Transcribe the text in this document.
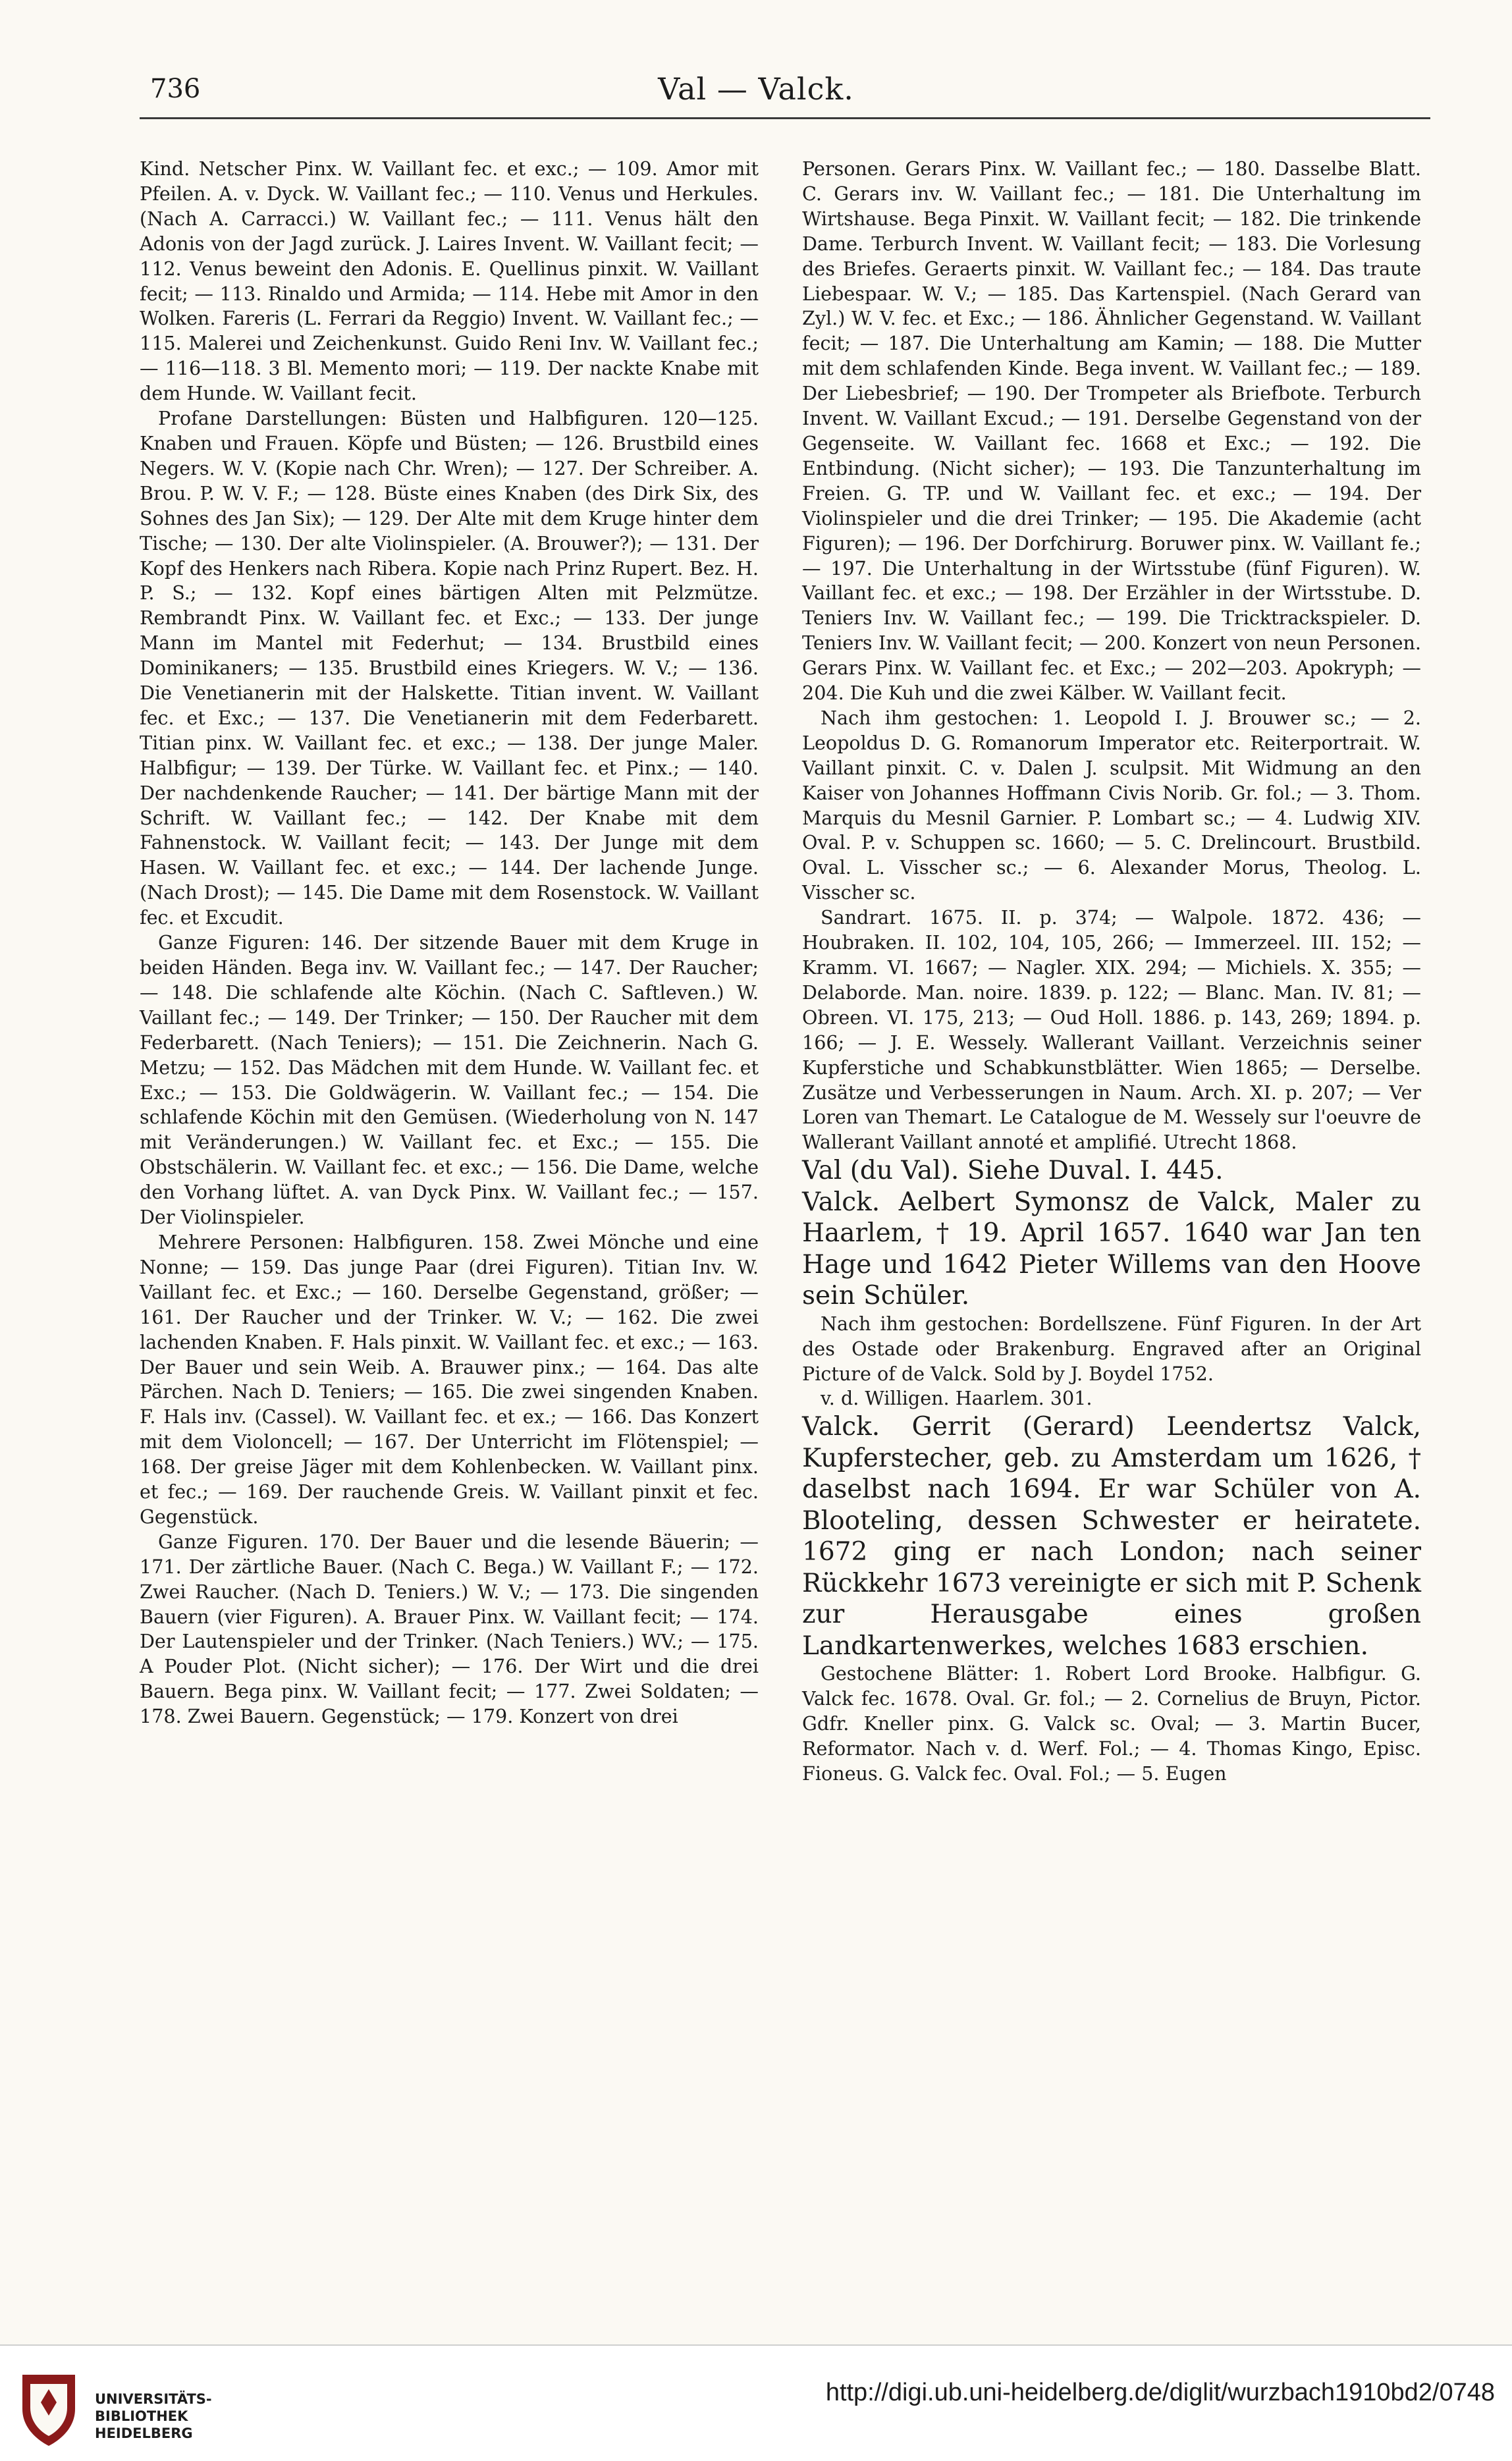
736	Val — Valck.

Kind. Netscher Pinx. W. Vaillant fec. et exc.; — 109. Amor mit Pfeilen. A. v. Dyck. W. Vaillant fec.; — 110. Venus und Herkules. (Nach A. Carracci.) W. Vaillant fec.; — 111. Venus hält den Adonis von der Jagd zurück. J. Laires Invent. W. Vaillant fecit; — 112. Venus beweint den Adonis. E. Quellinus pinxit. W. Vaillant fecit; — 113. Rinaldo und Armida; — 114. Hebe mit Amor in den Wolken. Fareris (L. Ferrari da Reggio) Invent. W. Vaillant fec.; — 115. Malerei und Zeichenkunst. Guido Reni Inv. W. Vaillant fec.; — 116—118. 3 Bl. Memento mori; — 119. Der nackte Knabe mit dem Hunde. W. Vaillant fecit.

Profane Darstellungen: Büsten und Halbfiguren. 120—125. Knaben und Frauen. Köpfe und Büsten; — 126. Brustbild eines Negers. W. V. (Kopie nach Chr. Wren); — 127. Der Schreiber. A. Brou. P. W. V. F.; — 128. Büste eines Knaben (des Dirk Six, des Sohnes des Jan Six); — 129. Der Alte mit dem Kruge hinter dem Tische; — 130. Der alte Violinspieler. (A. Brouwer?); — 131. Der Kopf des Henkers nach Ribera. Kopie nach Prinz Rupert. Bez. H. P. S.; — 132. Kopf eines bärtigen Alten mit Pelzmütze. Rembrandt Pinx. W. Vaillant fec. et Exc.; — 133. Der junge Mann im Mantel mit Federhut; — 134. Brustbild eines Dominikaners; — 135. Brustbild eines Kriegers. W. V.; — 136. Die Venetianerin mit der Halskette. Titian invent. W. Vaillant fec. et Exc.; — 137. Die Venetianerin mit dem Federbarett. Titian pinx. W. Vaillant fec. et exc.; — 138. Der junge Maler. Halbfigur; — 139. Der Türke. W. Vaillant fec. et Pinx.; — 140. Der nachdenkende Raucher; — 141. Der bärtige Mann mit der Schrift. W. Vaillant fec.; — 142. Der Knabe mit dem Fahnenstock. W. Vaillant fecit; — 143. Der Junge mit dem Hasen. W. Vaillant fec. et exc.; — 144. Der lachende Junge. (Nach Drost); — 145. Die Dame mit dem Rosenstock. W. Vaillant fec. et Excudit.

Ganze Figuren: 146. Der sitzende Bauer mit dem Kruge in beiden Händen. Bega inv. W. Vaillant fec.; — 147. Der Raucher; — 148. Die schlafende alte Köchin. (Nach C. Saftleven.) W. Vaillant fec.; — 149. Der Trinker; — 150. Der Raucher mit dem Federbarett. (Nach Teniers); — 151. Die Zeichnerin. Nach G. Metzu; — 152. Das Mädchen mit dem Hunde. W. Vaillant fec. et Exc.; — 153. Die Goldwägerin. W. Vaillant fec.; — 154. Die schlafende Köchin mit den Gemüsen. (Wiederholung von N. 147 mit Veränderungen.) W. Vaillant fec. et Exc.; — 155. Die Obstschälerin. W. Vaillant fec. et exc.; — 156. Die Dame, welche den Vorhang lüftet. A. van Dyck Pinx. W. Vaillant fec.; — 157. Der Violinspieler.

Mehrere Personen: Halbfiguren. 158. Zwei Mönche und eine Nonne; — 159. Das junge Paar (drei Figuren). Titian Inv. W. Vaillant fec. et Exc.; — 160. Derselbe Gegenstand, größer; — 161. Der Raucher und der Trinker. W. V.; — 162. Die zwei lachenden Knaben. F. Hals pinxit. W. Vaillant fec. et exc.; — 163. Der Bauer und sein Weib. A. Brauwer pinx.; — 164. Das alte Pärchen. Nach D. Teniers; — 165. Die zwei singenden Knaben. F. Hals inv. (Cassel). W. Vaillant fec. et ex.; — 166. Das Konzert mit dem Violoncell; — 167. Der Unterricht im Flötenspiel; — 168. Der greise Jäger mit dem Kohlenbecken. W. Vaillant pinx. et fec.; — 169. Der rauchende Greis. W. Vaillant pinxit et fec. Gegenstück.

Ganze Figuren. 170. Der Bauer und die lesende Bäuerin; — 171. Der zärtliche Bauer. (Nach C. Bega.) W. Vaillant F.; — 172. Zwei Raucher. (Nach D. Teniers.) W. V.; — 173. Die singenden Bauern (vier Figuren). A. Brauer Pinx. W. Vaillant fecit; — 174. Der Lautenspieler und der Trinker. (Nach Teniers.) WV.; — 175. A Pouder Plot. (Nicht sicher); — 176. Der Wirt und die drei Bauern. Bega pinx. W. Vaillant fecit; — 177. Zwei Soldaten; — 178. Zwei Bauern. Gegenstück; — 179. Konzert von drei

Personen. Gerars Pinx. W. Vaillant fec.; — 180. Dasselbe Blatt. C. Gerars inv. W. Vaillant fec.; — 181. Die Unterhaltung im Wirtshause. Bega Pinxit. W. Vaillant fecit; — 182. Die trinkende Dame. Terburch Invent. W. Vaillant fecit; — 183. Die Vorlesung des Briefes. Geraerts pinxit. W. Vaillant fec.; — 184. Das traute Liebespaar. W. V.; — 185. Das Kartenspiel. (Nach Gerard van Zyl.) W. V. fec. et Exc.; — 186. Ähnlicher Gegenstand. W. Vaillant fecit; — 187. Die Unterhaltung am Kamin; — 188. Die Mutter mit dem schlafenden Kinde. Bega invent. W. Vaillant fec.; — 189. Der Liebesbrief; — 190. Der Trompeter als Briefbote. Terburch Invent. W. Vaillant Excud.; — 191. Derselbe Gegenstand von der Gegenseite. W. Vaillant fec. 1668 et Exc.; — 192. Die Entbindung. (Nicht sicher); — 193. Die Tanzunterhaltung im Freien. G. TP. und W. Vaillant fec. et exc.; — 194. Der Violinspieler und die drei Trinker; — 195. Die Akademie (acht Figuren); — 196. Der Dorfchirurg. Boruwer pinx. W. Vaillant fe.; — 197. Die Unterhaltung in der Wirtsstube (fünf Figuren). W. Vaillant fec. et exc.; — 198. Der Erzähler in der Wirtsstube. D. Teniers Inv. W. Vaillant fec.; — 199. Die Tricktrackspieler. D. Teniers Inv. W. Vaillant fecit; — 200. Konzert von neun Personen. Gerars Pinx. W. Vaillant fec. et Exc.; — 202—203. Apokryph; — 204. Die Kuh und die zwei Kälber. W. Vaillant fecit.

Nach ihm gestochen: 1. Leopold I. J. Brouwer sc.; — 2. Leopoldus D. G. Romanorum Imperator etc. Reiterportrait. W. Vaillant pinxit. C. v. Dalen J. sculpsit. Mit Widmung an den Kaiser von Johannes Hoffmann Civis Norib. Gr. fol.; — 3. Thom. Marquis du Mesnil Garnier. P. Lombart sc.; — 4. Ludwig XIV. Oval. P. v. Schuppen sc. 1660; — 5. C. Drelincourt. Brustbild. Oval. L. Visscher sc.; — 6. Alexander Morus, Theolog. L. Visscher sc.

Sandrart. 1675. II. p. 374; — Walpole. 1872. 436; — Houbraken. II. 102, 104, 105, 266; — Immerzeel. III. 152; — Kramm. VI. 1667; — Nagler. XIX. 294; — Michiels. X. 355; — Delaborde. Man. noire. 1839. p. 122; — Blanc. Man. IV. 81; — Obreen. VI. 175, 213; — Oud Holl. 1886. p. 143, 269; 1894. p. 166; — J. E. Wessely. Wallerant Vaillant. Verzeichnis seiner Kupferstiche und Schabkunstblätter. Wien 1865; — Derselbe. Zusätze und Verbesserungen in Naum. Arch. XI. p. 207; — Ver Loren van Themart. Le Catalogue de M. Wessely sur l'oeuvre de Wallerant Vaillant annoté et amplifié. Utrecht 1868.

Val (du Val). Siehe Duval. I. 445.

Valck. Aelbert Symonsz de Valck, Maler zu Haarlem, † 19. April 1657. 1640 war Jan ten Hage und 1642 Pieter Willems van den Hoove sein Schüler.

Nach ihm gestochen: Bordellszene. Fünf Figuren. In der Art des Ostade oder Brakenburg. Engraved after an Original Picture of de Valck. Sold by J. Boydel 1752.

v. d. Willigen. Haarlem. 301.

Valck. Gerrit (Gerard) Leendertsz Valck, Kupferstecher, geb. zu Amsterdam um 1626, † daselbst nach 1694. Er war Schüler von A. Blooteling, dessen Schwester er heiratete. 1672 ging er nach London; nach seiner Rückkehr 1673 vereinigte er sich mit P. Schenk zur Herausgabe eines großen Landkartenwerkes, welches 1683 erschien.

Gestochene Blätter: 1. Robert Lord Brooke. Halbfigur. G. Valck fec. 1678. Oval. Gr. fol.; — 2. Cornelius de Bruyn, Pictor. Gdfr. Kneller pinx. G. Valck sc. Oval; — 3. Martin Bucer, Reformator. Nach v. d. Werf. Fol.; — 4. Thomas Kingo, Episc. Fioneus. G. Valck fec. Oval. Fol.; — 5. Eugen

UNIVERSITÄTS-
BIBLIOTHEK
HEIDELBERG
http://digi.ub.uni-heidelberg.de/diglit/wurzbach1910bd2/0748
